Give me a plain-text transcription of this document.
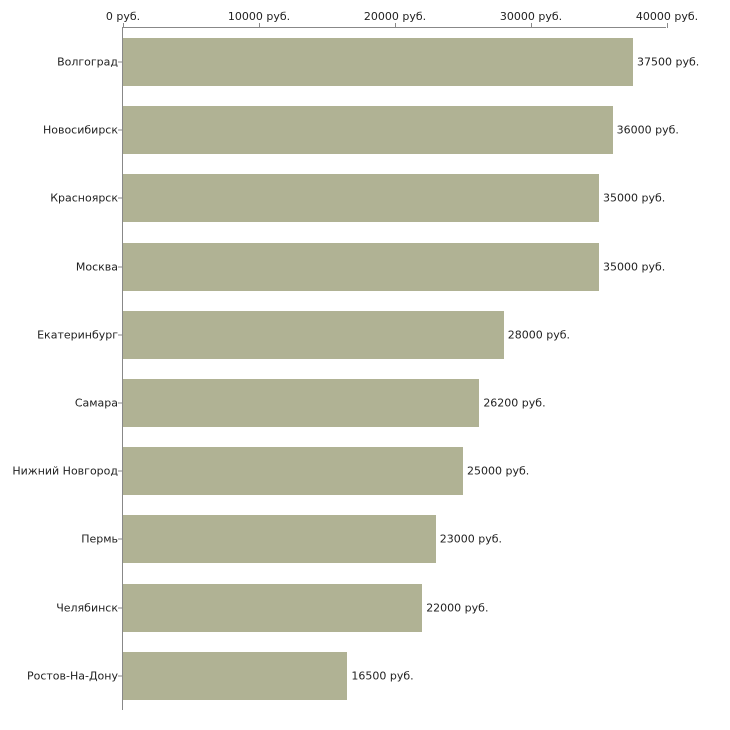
0 руб.	10000 руб.	20000 руб.	30000 руб.	40000 руб.
Волгоград	37500 руб.
Новосибирск	36000 руб.
Красноярск	35000 руб.
Москва	35000 руб.
Екатеринбург	28000 руб.
Самара	26200 руб.
Нижний Новгород	25000 руб.
Пермь	23000 руб.
Челябинск	22000 руб.
Ростов-На-Дону	16500 руб.
